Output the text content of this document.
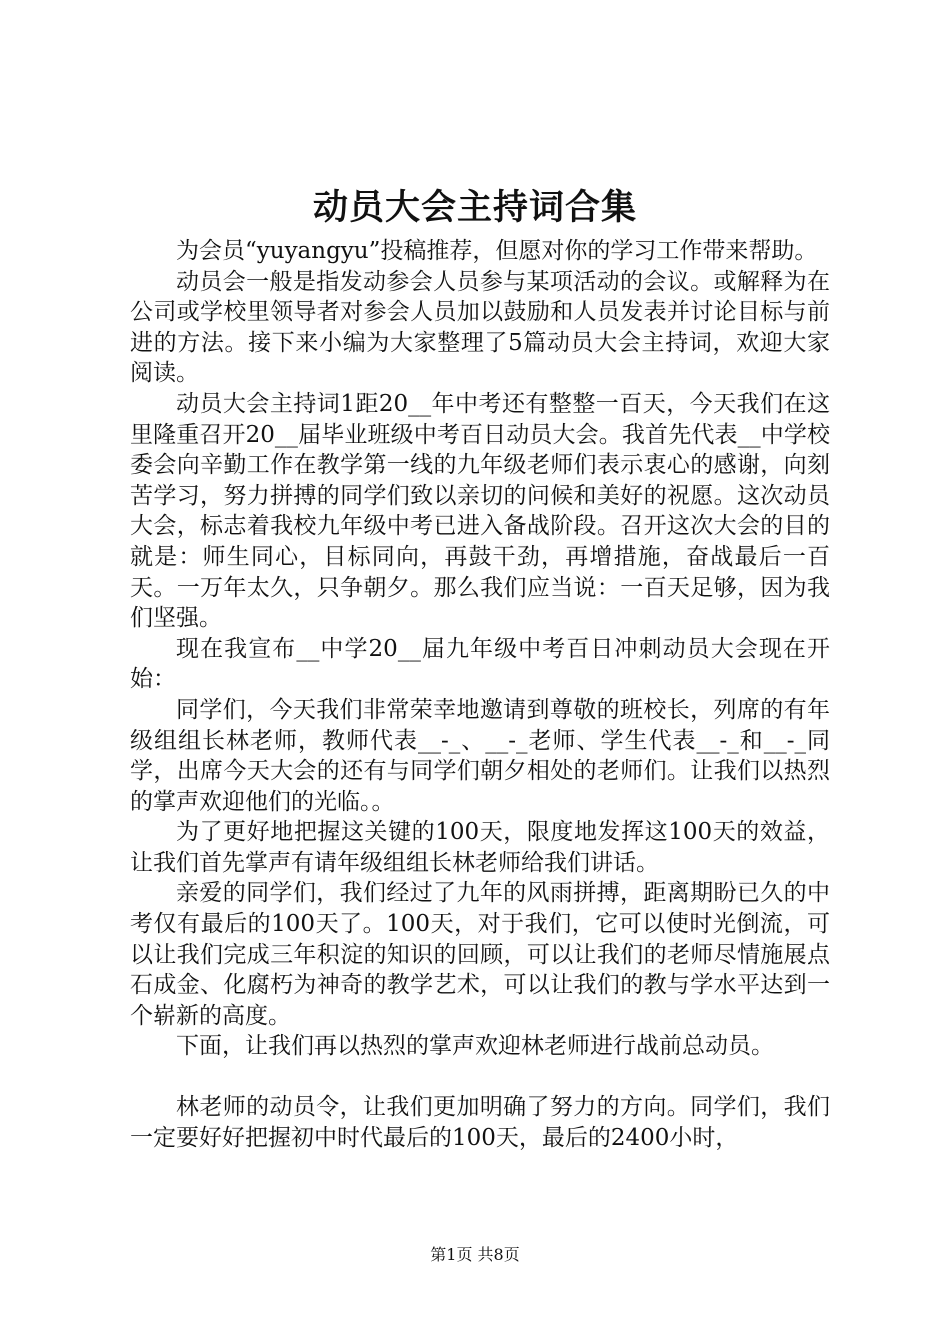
动员大会主持词合集

为会员“yuyangyu”投稿推荐，但愿对你的学习工作带来帮助。

动员会一般是指发动参会人员参与某项活动的会议。或解释为在公司或学校里领导者对参会人员加以鼓励和人员发表并讨论目标与前进的方法。接下来小编为大家整理了5篇动员大会主持词，欢迎大家阅读。

动员大会主持词1距20__年中考还有整整一百天，今天我们在这里隆重召开20__届毕业班级中考百日动员大会。我首先代表__中学校委会向辛勤工作在教学第一线的九年级老师们表示衷心的感谢，向刻苦学习，努力拼搏的同学们致以亲切的问候和美好的祝愿。这次动员大会，标志着我校九年级中考已进入备战阶段。召开这次大会的目的就是：师生同心，目标同向，再鼓干劲，再增措施，奋战最后一百天。一万年太久，只争朝夕。那么我们应当说：一百天足够，因为我们坚强。

现在我宣布__中学20__届九年级中考百日冲刺动员大会现在开始：

同学们，今天我们非常荣幸地邀请到尊敬的班校长，列席的有年级组组长林老师，教师代表__-_、__-_老师、学生代表__-_和__-_同学，出席今天大会的还有与同学们朝夕相处的老师们。让我们以热烈的掌声欢迎他们的光临。。

为了更好地把握这关键的100天，限度地发挥这100天的效益，让我们首先掌声有请年级组组长林老师给我们讲话。

亲爱的同学们，我们经过了九年的风雨拼搏，距离期盼已久的中考仅有最后的100天了。100天，对于我们，它可以使时光倒流，可以让我们完成三年积淀的知识的回顾，可以让我们的老师尽情施展点石成金、化腐朽为神奇的教学艺术，可以让我们的教与学水平达到一个崭新的高度。

下面，让我们再以热烈的掌声欢迎林老师进行战前总动员。

林老师的动员令，让我们更加明确了努力的方向。同学们，我们一定要好好把握初中时代最后的100天，最后的2400小时，

第1页 共8页
